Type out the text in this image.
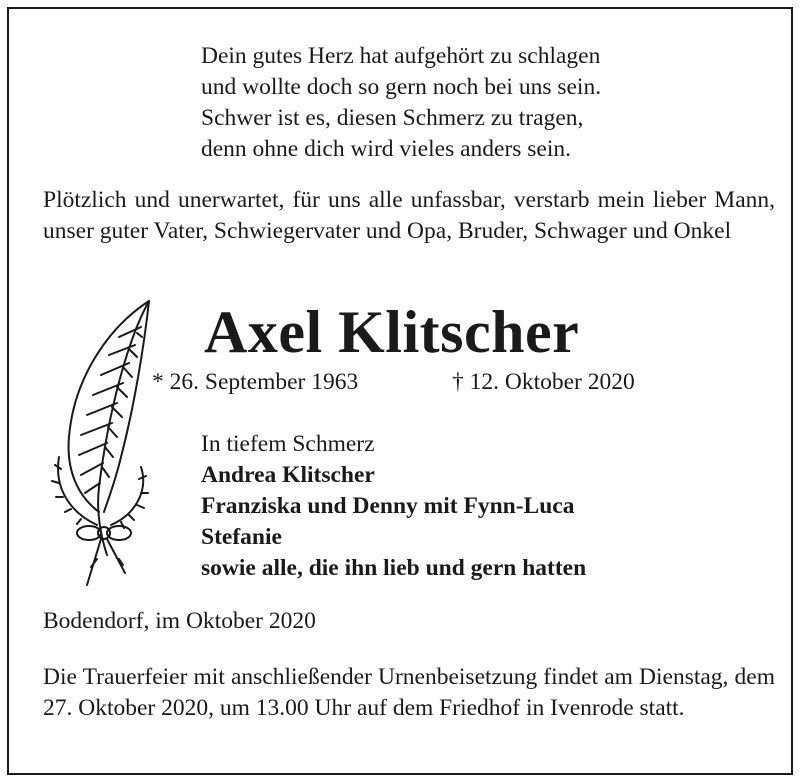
Dein gutes Herz hat aufgehört zu schlagen
und wollte doch so gern noch bei uns sein.
Schwer ist es, diesen Schmerz zu tragen,
denn ohne dich wird vieles anders sein.
Plötzlich und unerwartet, für uns alle unfassbar, verstarb mein lieber Mann, unser guter Vater, Schwiegervater und Opa, Bruder, Schwager und Onkel
Axel Klitscher
* 26. September 1963	† 12. Oktober 2020
In tiefem Schmerz
Andrea Klitscher
Franziska und Denny mit Fynn-Luca
Stefanie
sowie alle, die ihn lieb und gern hatten
Bodendorf, im Oktober 2020
Die Trauerfeier mit anschließender Urnenbeisetzung findet am Dienstag, dem 27. Oktober 2020, um 13.00 Uhr auf dem Friedhof in Ivenrode statt.
